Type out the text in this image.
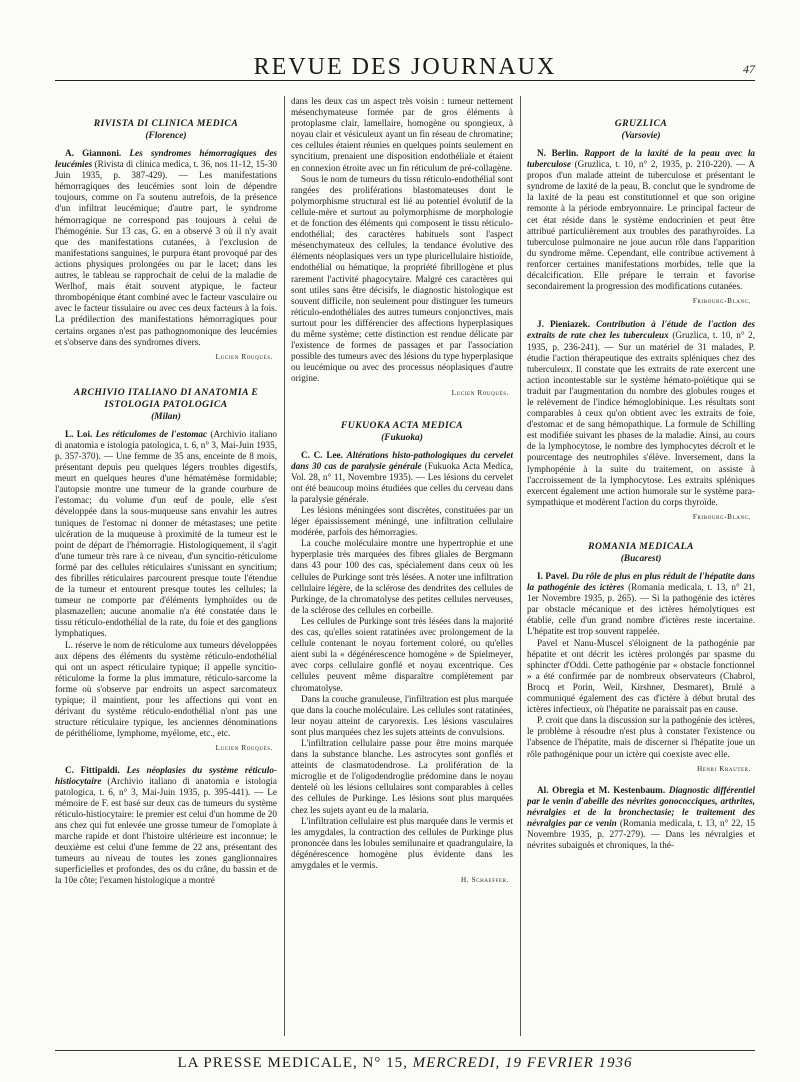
REVUE DES JOURNAUX	47
RIVISTA DI CLINICA MEDICA
(Florence)

A. Giannoni. Les syndromes hémorragiques des leucémies (Rivista di clinica medica, t. 36, nos 11-12, 15-30 Juin 1935, p. 387-429). — Les manifestations hémorragiques des leucémies sont loin de dépendre toujours, comme on l'a soutenu autrefois, de la présence d'un infiltrat leucémique; d'autre part, le syndrome hémorragique ne correspond pas toujours à celui de l'hémogénie. Sur 13 cas, G. en a observé 3 où il n'y avait que des manifestations cutanées, à l'exclusion de manifestations sanguines, le purpura étant provoqué par des actions physiques prolongées ou par le lacet; dans les autres, le tableau se rapprochait de celui de la maladie de Werlhof, mais était souvent atypique, le facteur thrombopénique étant combiné avec le facteur vasculaire ou avec le facteur tissulaire ou avec ces deux facteurs à la fois. La prédilection des manifestations hémorragiques pour certains organes n'est pas pathognomonique des leucémies et s'observe dans des syndromes divers.

Lucien Rouquès.
ARCHIVIO ITALIANO DI ANATOMIA E ISTOLOGIA PATOLOGICA
(Milan)

L. Loi. Les réticulomes de l'estomac (Archivio italiano di anatomia e istologia patologica, t. 6, n° 3, Mai-Juin 1935, p. 357-370). — Une femme de 35 ans, enceinte de 8 mois, présentant depuis peu quelques légers troubles digestifs, meurt en quelques heures d'une hématémèse formidable; l'autopsie montre une tumeur de la grande courbure de l'estomac; du volume d'un œuf de poule, elle s'est développée dans la sous-muqueuse sans envahir les autres tuniques de l'estomac ni donner de métastases; une petite ulcération de la muqueuse à proximité de la tumeur est le point de départ de l'hémorragie. Histologiquement, il s'agit d'une tumeur très rare à ce niveau, d'un syncitio-réticulome formé par des cellules réticulaires s'unissant en syncitium; des fibrilles réticulaires parcourent presque toute l'étendue de la tumeur et entourent presque toutes les cellules; la tumeur ne comporte par d'éléments lymphoïdes ou de plasmazellen; aucune anomalie n'a été constatée dans le tissu réticulo-endothélial de la rate, du foie et des ganglions lymphatiques.

L. réserve le nom de réticulome aux tumeurs développées aux dépens des éléments du système réticulo-endothélial qui ont un aspect réticulaire typique; il appelle syncitio-réticulome la forme la plus immature, réticulo-sarcome la forme où s'observe par endroits un aspect sarcomateux typique; il maintient, pour les affections qui vont en dérivant du système réticulo-endothélial n'ont pas une structure réticulaire typique, les anciennes dénominations de périthéliome, lymphome, myélome, etc., etc.

Lucien Rouquès.

C. Fittipaldi. Les néoplasies du système réticulo-histiocytaire (Archivio italiano di anatomia e istologia patologica, t. 6, n° 3, Mai-Juin 1935, p. 395-441). — Le mémoire de F. est basé sur deux cas de tumeurs du système réticulo-histiocytaire: le premier est celui d'un homme de 20 ans chez qui fut enlevée une grosse tumeur de l'omoplate à marche rapide et dont l'histoire ultérieure est inconnue; le deuxième est celui d'une femme de 22 ans, présentant des tumeurs au niveau de toutes les zones ganglionnaires superficielles et profondes, des os du crâne, du bassin et de la 10e côte; l'examen histologique a montré

dans les deux cas un aspect très voisin : tumeur nettement mésenchymateuse formée par de gros éléments à protoplasme clair, lamellaire, homogène ou spongieux, à noyau clair et vésiculeux ayant un fin réseau de chromatine; ces cellules étaient réunies en quelques points seulement en syncitium, prenaient une disposition endothéliale et étaient en connexion étroite avec un fin réticulum de pré-collagène.

Sous le nom de tumeurs du tissu réticulo-endothélial sont rangées des proliférations blastomateuses dont le polymorphisme structural est lié au potentiel évolutif de la cellule-mère et surtout au polymorphisme de morphologie et de fonction des éléments qui composent le tissu réticulo-endothélial; des caractères habituels sont l'aspect mésenchymateux des cellules, la tendance évolutive des éléments néoplasiques vers un type pluricellulaire histioïde, endothélial ou hématique, la propriété fibrillogène et plus rarement l'activité phagocytaire. Malgré ces caractères qui sont utiles sans être décisifs, le diagnostic histologique est souvent difficile, non seulement pour distinguer les tumeurs réticulo-endothéliales des autres tumeurs conjonctives, mais surtout pour les différencier des affections hyperplasiques du même système; cette distinction est rendue délicate par l'existence de formes de passages et par l'association possible des tumeurs avec des lésions du type hyperplasique ou leucémique ou avec des processus néoplasiques d'autre origine.

Lucien Rouquès.
FUKUOKA ACTA MEDICA
(Fukuoka)

C. C. Lee. Altérations histo-pathologiques du cervelet dans 30 cas de paralysie générale (Fukuoka Acta Medica, Vol. 28, n° 11, Novembre 1935). — Les lésions du cervelet ont été beaucoup moins étudiées que celles du cerveau dans la paralysie générale.

Les lésions méningées sont discrètes, constituées par un léger épaississement méningé, une infiltration cellulaire modérée, parfois des hémorragies.

La couche moléculaire montre une hypertrophie et une hyperplasie très marquées des fibres gliales de Bergmann dans 43 pour 100 des cas, spécialement dans ceux où les cellules de Purkinge sont très lésées. A noter une infiltration cellulaire légère, de la sclérose des dendrites des cellules de Purkinge, de la chromatolyse des petites cellules nerveuses, de la sclérose des cellules en corbeille.

Les cellules de Purkinge sont très lésées dans la majorité des cas, qu'elles soient ratatinées avec prolongement de la cellule contenant le noyau fortement coloré, ou qu'elles aient subi la « dégénérescence homogène » de Spielmeyer, avec corps cellulaire gonflé et noyau excentrique. Ces cellules peuvent même disparaître complètement par chromatolyse.

Dans la couche granuleuse, l'infiltration est plus marquée que dans la couche moléculaire. Les cellules sont ratatinées, leur noyau atteint de caryorexis. Les lésions vasculaires sont plus marquées chez les sujets atteints de convulsions.

L'infiltration cellulaire passe pour être moins marquée dans la substance blanche. Les astrocytes sont gonflés et atteints de clasmatodendrose. La prolifération de la microglie et de l'oligodendroglie prédomine dans le noyau dentelé où les lésions cellulaires sont comparables à celles des cellules de Purkinge. Les lésions sont plus marquées chez les sujets ayant eu de la malaria.

L'infiltration cellulaire est plus marquée dans le vermis et les amygdales, la contraction des cellules de Purkinge plus prononcée dans les lobules semilunaire et quadrangulaire, la dégénérescence homogène plus évidente dans les amygdales et le vermis.

H. Schaeffer.
GRUZLICA
(Varsovie)

N. Berlin. Rapport de la laxité de la peau avec la tuberculose (Gruzlica, t. 10, n° 2, 1935, p. 210-220). — A propos d'un malade atteint de tuberculose et présentant le syndrome de laxité de la peau, B. conclut que le syndrome de la laxité de la peau est constitutionnel et que son origine remonte à la période embryonnaire. Le principal facteur de cet état réside dans le système endocrinien et peut être attribué particulièrement aux troubles des parathyroïdes. La tuberculose pulmonaire ne joue aucun rôle dans l'apparition du syndrome même. Cependant, elle contribue activement à renforcer certaines manifestations morbides, telle que la décalcification. Elle prépare le terrain et favorise secondairement la progression des modifications cutanées.

Fribourg-Blanc.

J. Pieniazek. Contribution à l'étude de l'action des extraits de rate chez les tuberculeux (Gruzlica, t. 10, n° 2, 1935, p. 236-241). — Sur un matériel de 31 malades, P. étudie l'action thérapeutique des extraits spléniques chez des tuberculeux. Il constate que les extraits de rate exercent une action incontestable sur le système hémato-poïétique qui se traduit par l'augmentation du nombre des globules rouges et le relèvement de l'indice hémoglobinique. Les résultats sont comparables à ceux qu'on obtient avec les extraits de foie, d'estomac et de sang hémopathique. La formule de Schilling est modifiée suivant les phases de la maladie. Ainsi, au cours de la lymphocytose, le nombre des lymphocytes décroît et le pourcentage des neutrophiles s'élève. Inversement, dans la lymphopénie à la suite du traitement, on assiste à l'accroissement de la lymphocytose. Les extraits spléniques exercent également une action humorale sur le système para-sympathique et modèrent l'action du corps thyroïde.

Fribourg-Blanc.
ROMANIA MEDICALA
(Bucarest)

I. Pavel. Du rôle de plus en plus réduit de l'hépatite dans la pathogénie des ictères (Romania medicala, t. 13, n° 21, 1er Novembre 1935, p. 265). — Si la pathogénie des ictères par obstacle mécanique et des ictères hémolytiques est établie, celle d'un grand nombre d'ictères reste incertaine. L'hépatite est trop souvent rappelée.

Pavel et Nanu-Muscel s'éloignent de la pathogénie par hépatite et ont décrit les ictères prolongés par spasme du sphincter d'Oddi. Cette pathogénie par « obstacle fonctionnel » a été confirmée par de nombreux observateurs (Chabrol, Brocq et Porin, Weil, Kirshner, Desmaret), Brulé a communiqué également des cas d'ictère à début brutal des ictères infectieux, où l'hépatite ne paraissait pas en cause.

P. croit que dans la discussion sur la pathogénie des ictères, le problème à résoudre n'est plus à constater l'existence ou l'absence de l'hépatite, mais de discerner si l'hépatite joue un rôle pathogénique pour un ictère qui coexiste avec elle.

Henri Krauter.

Al. Obregia et M. Kestenbaum. Diagnostic différentiel par le venin d'abeille des névrites gonococciques, arthrites, névralgies et de la bronchectasie; le traitement des névralgies par ce venin (Romania medicala, t. 13, n° 22, 15 Novembre 1935, p. 277-279). — Dans les névralgies et névrites subaiguës et chroniques, la thé-

LA PRESSE MEDICALE, N° 15, MERCREDI, 19 FEVRIER 1936
